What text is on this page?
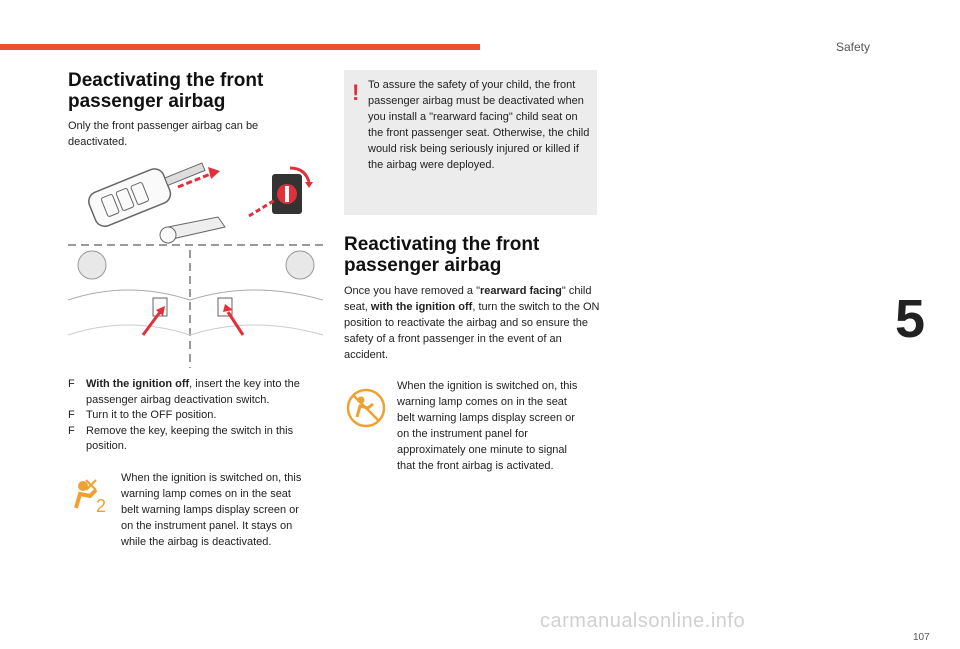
Safety
5
107
Deactivating the front passenger airbag
Only the front passenger airbag can be deactivated.
F With the ignition off, insert the key into the passenger airbag deactivation switch.
F Turn it to the OFF position.
F Remove the key, keeping the switch in this position.
2
When the ignition is switched on, this warning lamp comes on in the seat belt warning lamps display screen or on the instrument panel. It stays on while the airbag is deactivated.
! To assure the safety of your child, the front passenger airbag must be deactivated when you install a "rearward facing" child seat on the front passenger seat. Otherwise, the child would risk being seriously injured or killed if the airbag were deployed.
Reactivating the front passenger airbag
Once you have removed a "rearward facing" child seat, with the ignition off, turn the switch to the ON position to reactivate the airbag and so ensure the safety of a front passenger in the event of an accident.
When the ignition is switched on, this warning lamp comes on in the seat belt warning lamps display screen or on the instrument panel for approximately one minute to signal that the front airbag is activated.
carmanualsonline.info
